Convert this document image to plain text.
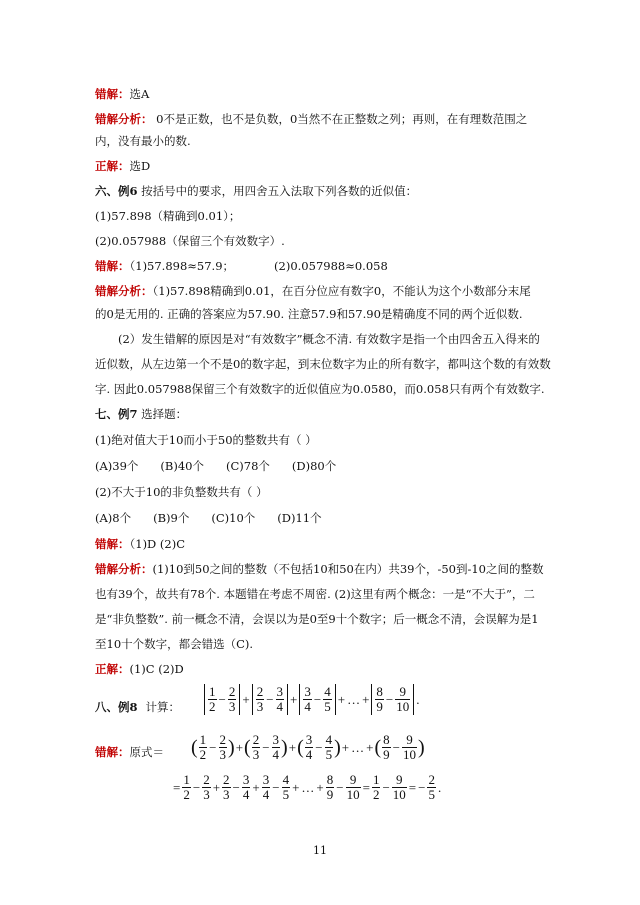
错解：选A
错解分析： 0不是正数，也不是负数，0当然不在正整数之列；再则，在有理数范围之
内，没有最小的数.
正解：选D
六、例6 按括号中的要求，用四舍五入法取下列各数的近似值：
(1)57.898（精确到0.01）；
(2)0.057988（保留三个有效数字）.
错解：（1)57.898≈57.9；	(2)0.057988≈0.058
错解分析：（1)57.898精确到0.01，在百分位应有数字0，不能认为这个小数部分末尾
的0是无用的. 正确的答案应为57.90. 注意57.9和57.90是精确度不同的两个近似数.
(2）发生错解的原因是对“有效数字”概念不清. 有效数字是指一个由四舍五入得来的
近似数，从左边第一个不是0的数字起，到末位数字为止的所有数字，都叫这个数的有效数
字. 因此0.057988保留三个有效数字的近似值应为0.0580，而0.058只有两个有效数字.
七、例7 选择题：
(1)绝对值大于10而小于50的整数共有（ ）
(A)39个 (B)40个 (C)78个 (D)80个
(2)不大于10的非负整数共有（ ）
(A)8个 (B)9个 (C)10个 (D)11个
错解：（1)D (2)C
错解分析：(1)10到50之间的整数（不包括10和50在内）共39个，-50到-10之间的整数
也有39个，故共有78个. 本题错在考虑不周密. (2)这里有两个概念：一是“不大于”，二
是“非负整数”. 前一概念不清，会误以为是0至9十个数字；后一概念不清，会误解为是1
至10十个数字，都会错选（C).
正解：(1)C (2)D
八、例8 计算：	$\frac{1}{2} - \frac{2}{3} + \frac{2}{3} - \frac{3}{4} + \frac{3}{4} - \frac{4}{5}$ + … + $\frac{8}{9} - \frac{9}{10}$ .
错解：原式＝	( $\frac{1}{2} - \frac{2}{3}$ )+( $\frac{2}{3} - \frac{3}{4}$ )+( $\frac{3}{4} - \frac{4}{5}$ )+ … +( $\frac{8}{9} - \frac{9}{10}$ )
= $\frac{1}{2} - \frac{2}{3} + \frac{2}{3} - \frac{3}{4} + \frac{3}{4} - \frac{4}{5}$ + … + $\frac{8}{9} - \frac{9}{10} = \frac{1}{2} - \frac{9}{10}$ = − $\frac{2}{5}$ .
11
